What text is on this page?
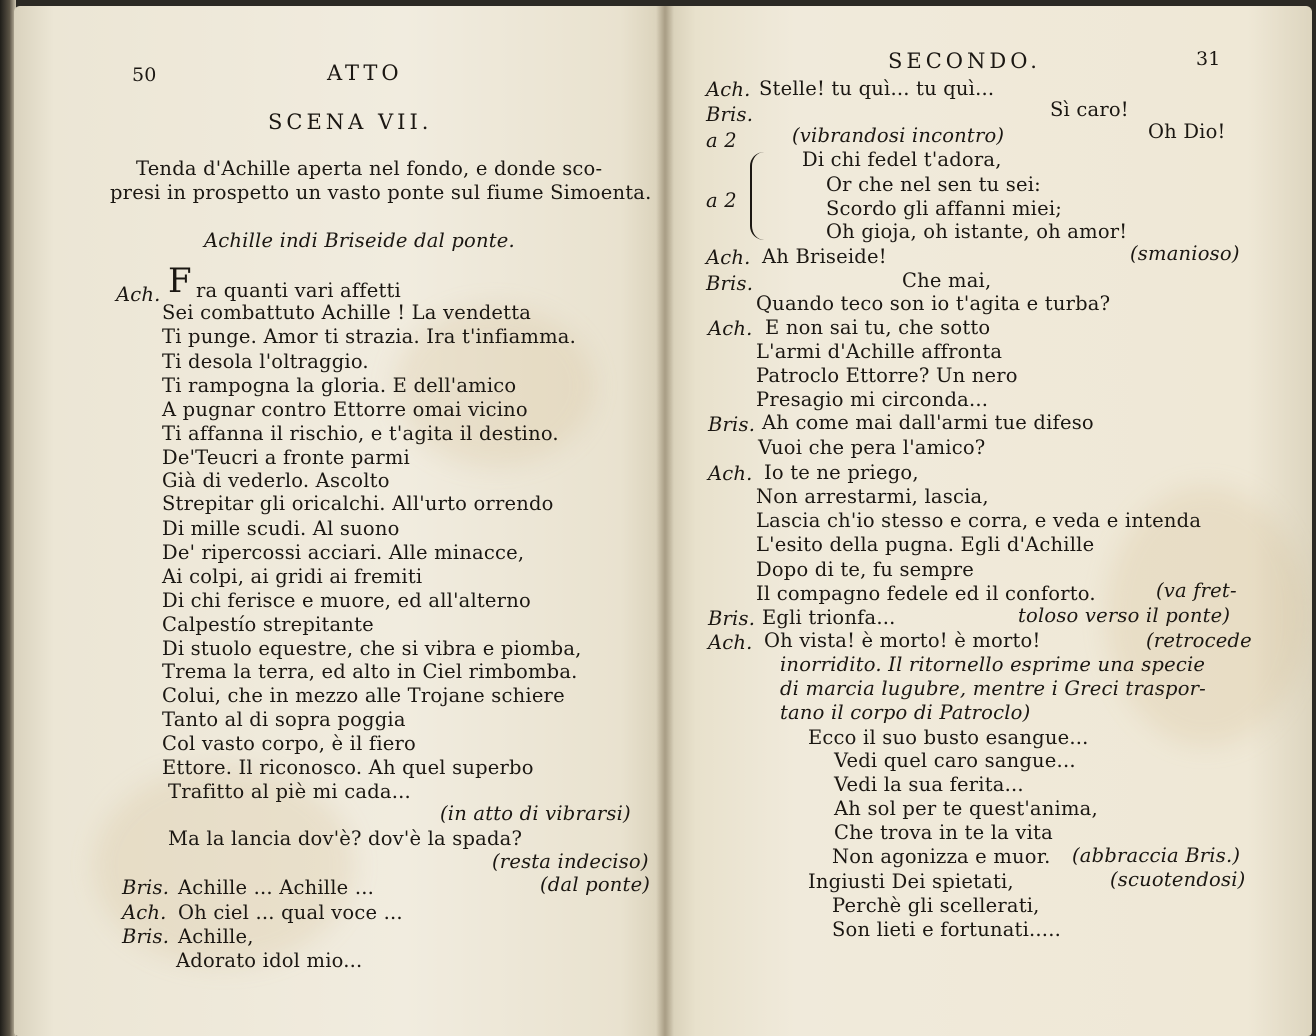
50	ATTO
SCENA VII.
Tenda d'Achille aperta nel fondo, e donde sco-
presi in prospetto un vasto ponte sul fiume Simoenta.
Achille indi Briseide dal ponte.
Ach. F ra quanti vari affetti
Sei combattuto Achille ! La vendetta
Ti punge. Amor ti strazia. Ira t'infiamma.
Ti desola l'oltraggio.
Ti rampogna la gloria. E dell'amico
A pugnar contro Ettorre omai vicino
Ti affanna il rischio, e t'agita il destino.
De'Teucri a fronte parmi
Già di vederlo. Ascolto
Strepitar gli oricalchi. All'urto orrendo
Di mille scudi. Al suono
De' ripercossi acciari. Alle minacce,
Ai colpi, ai gridi ai fremiti
Di chi ferisce e muore, ed all'alterno
Calpestío strepitante
Di stuolo equestre, che si vibra e piomba,
Trema la terra, ed alto in Ciel rimbomba.
Colui, che in mezzo alle Trojane schiere
Tanto al di sopra poggia
Col vasto corpo, è il fiero
Ettore. Il riconosco. Ah quel superbo
Trafitto al piè mi cada...
(in atto di vibrarsi)
Ma la lancia dov'è? dov'è la spada?
(resta indeciso)
Bris. Achille ... Achille ...	(dal ponte)
Ach. Oh ciel ... qual voce ...
Bris. Achille,
Adorato idol mio...
SECONDO.	31
Ach. Stelle! tu quì... tu quì...
Bris.	Sì caro!
a 2	(vibrandosi incontro)	Oh Dio!
a 2
Di chi fedel t'adora,
Or che nel sen tu sei:
Scordo gli affanni miei;
Oh gioja, oh istante, oh amor!
Ach. Ah Briseide!	(smanioso)
Bris.	Che mai,
Quando teco son io t'agita e turba?
Ach. E non sai tu, che sotto
L'armi d'Achille affronta
Patroclo Ettorre? Un nero
Presagio mi circonda...
Bris. Ah come mai dall'armi tue difeso
Vuoi che pera l'amico?
Ach. Io te ne priego,
Non arrestarmi, lascia,
Lascia ch'io stesso e corra, e veda e intenda
L'esito della pugna. Egli d'Achille
Dopo di te, fu sempre
Il compagno fedele ed il conforto.	(va fret-
Bris. Egli trionfa...	toloso verso il ponte)
Ach. Oh vista! è morto! è morto!	(retrocede
inorridito. Il ritornello esprime una specie
di marcia lugubre, mentre i Greci traspor-
tano il corpo di Patroclo)
Ecco il suo busto esangue...
Vedi quel caro sangue...
Vedi la sua ferita...
Ah sol per te quest'anima,
Che trova in te la vita
Non agonizza e muor. (abbraccia Bris.)
Ingiusti Dei spietati,	(scuotendosi)
Perchè gli scellerati,
Son lieti e fortunati.....
